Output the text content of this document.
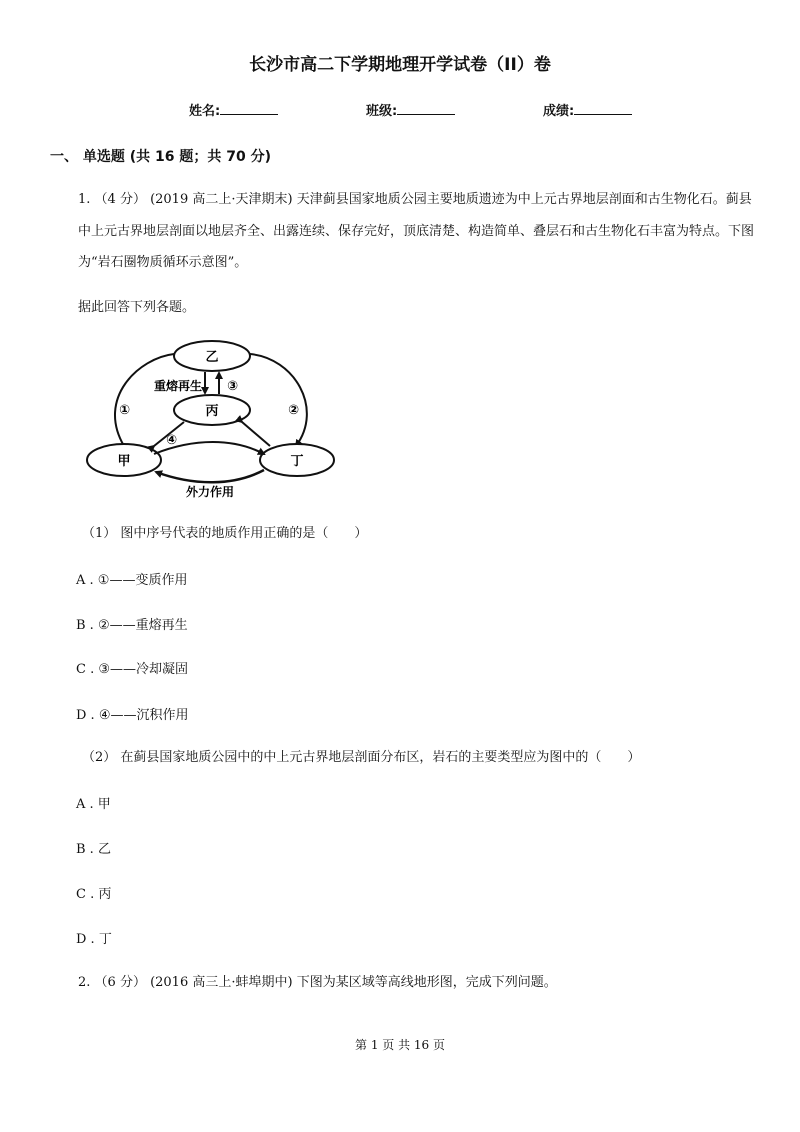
长沙市高二下学期地理开学试卷（II）卷
姓名:	班级:	成绩:
一、 单选题 (共 16 题；共 70 分)
1. （4 分） (2019 高二上·天津期末) 天津蓟县国家地质公园主要地质遗迹为中上元古界地层剖面和古生物化石。蓟县中上元古界地层剖面以地层齐全、出露连续、保存完好，顶底清楚、构造简单、叠层石和古生物化石丰富为特点。下图为“岩石圈物质循环示意图”。
据此回答下列各题。
乙
丙
甲	丁
重熔再生
外力作用
①	②
③
④
（1） 图中序号代表的地质作用正确的是（　　）
A . ①——变质作用
B . ②——重熔再生
C . ③——冷却凝固
D . ④——沉积作用
（2） 在蓟县国家地质公园中的中上元古界地层剖面分布区，岩石的主要类型应为图中的（　　）
A . 甲
B . 乙
C . 丙
D . 丁
2. （6 分） (2016 高三上·蚌埠期中) 下图为某区域等高线地形图，完成下列问题。
第 1 页 共 16 页
